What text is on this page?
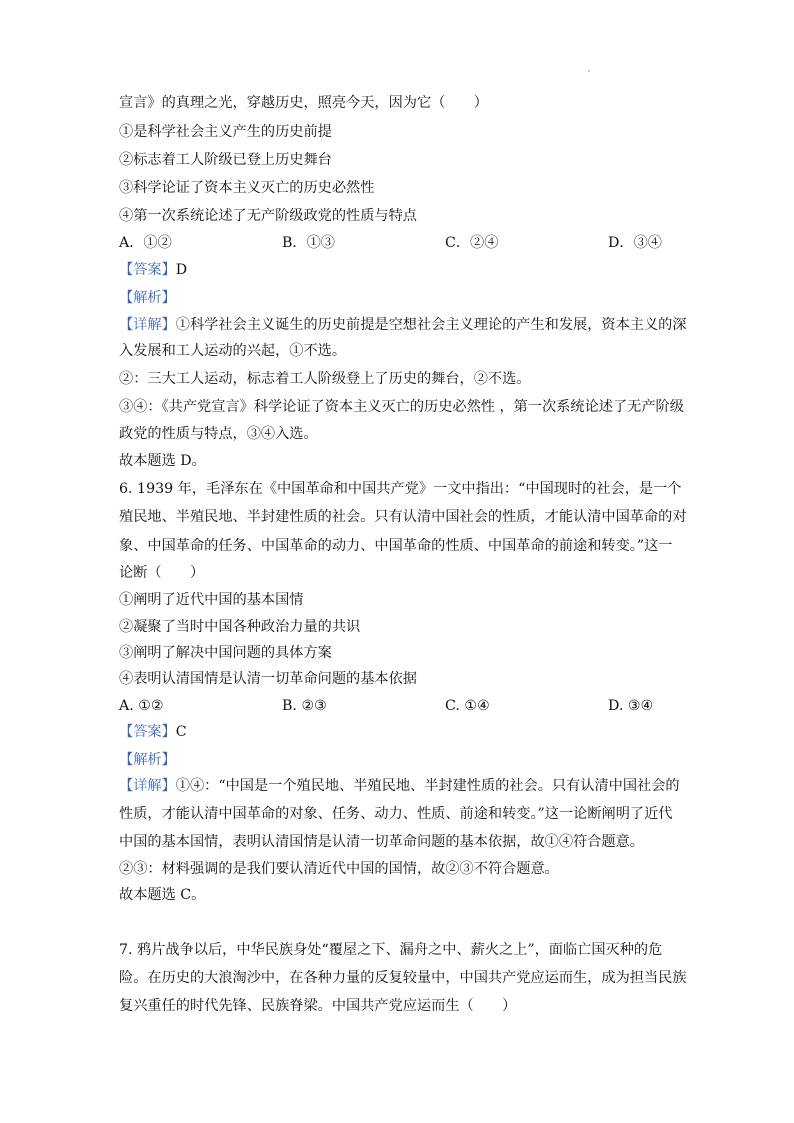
宣言》的真理之光，穿越历史，照亮今天，因为它（　　）
①是科学社会主义产生的历史前提
②标志着工人阶级已登上历史舞台
③科学论证了资本主义灭亡的历史必然性
④第一次系统论述了无产阶级政党的性质与特点
A．①②	B．①③	C．②④	D．③④
【答案】D
【解析】
【详解】①科学社会主义诞生的历史前提是空想社会主义理论的产生和发展，资本主义的深
入发展和工人运动的兴起，①不选。
②：三大工人运动，标志着工人阶级登上了历史的舞台，②不选。
③④：《共产党宣言》科学论证了资本主义灭亡的历史必然性 ，第一次系统论述了无产阶级
政党的性质与特点，③④入选。
故本题选 D。
6. 1939 年，毛泽东在《中国革命和中国共产党》一文中指出：“中国现时的社会，是一个
殖民地、半殖民地、半封建性质的社会。只有认清中国社会的性质，才能认清中国革命的对
象、中国革命的任务、中国革命的动力、中国革命的性质、中国革命的前途和转变。”这一
论断（　　）
①阐明了近代中国的基本国情
②凝聚了当时中国各种政治力量的共识
③阐明了解决中国问题的具体方案
④表明认清国情是认清一切革命问题的基本依据
A. ①②	B. ②③	C. ①④	D. ③④
【答案】C
【解析】
【详解】①④：“中国是一个殖民地、半殖民地、半封建性质的社会。只有认清中国社会的
性质，才能认清中国革命的对象、任务、动力、性质、前途和转变。”这一论断阐明了近代
中国的基本国情，表明认清国情是认清一切革命问题的基本依据，故①④符合题意。
②③：材料强调的是我们要认清近代中国的国情，故②③不符合题意。
故本题选 C。
7. 鸦片战争以后，中华民族身处“覆屋之下、漏舟之中、薪火之上”，面临亡国灭种的危
险。在历史的大浪淘沙中，在各种力量的反复较量中，中国共产党应运而生，成为担当民族
复兴重任的时代先锋、民族脊梁。中国共产党应运而生（　　）
